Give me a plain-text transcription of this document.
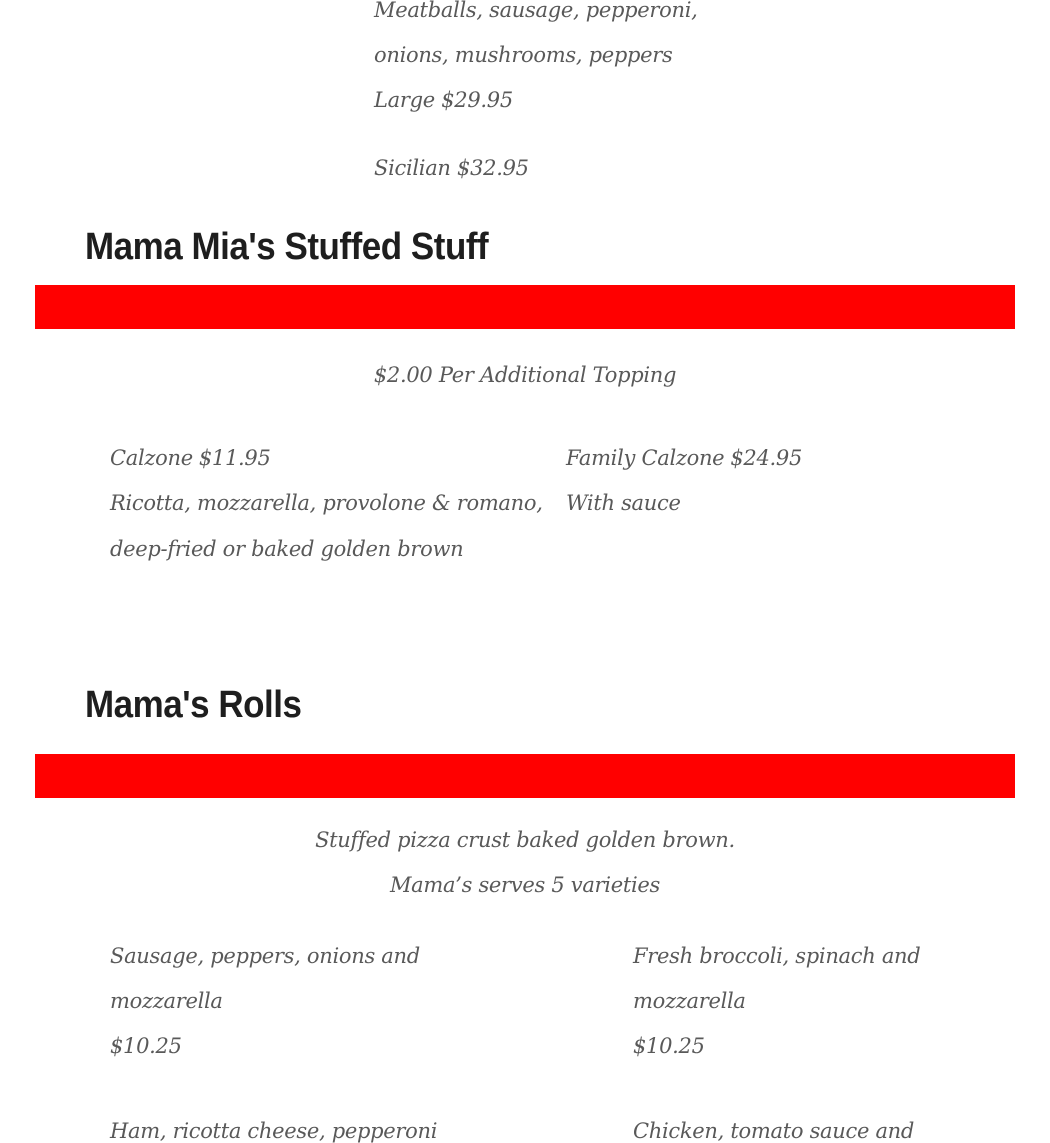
Meatballs, sausage, pepperoni,
onions, mushrooms, peppers
Large $29.95
Sicilian $32.95
Mama Mia's Stuffed Stuff
$2.00 Per Additional Topping
Calzone $11.95
Ricotta, mozzarella, provolone & romano,
deep-fried or baked golden brown
Family Calzone $24.95
With sauce
Mama's Rolls
Stuffed pizza crust baked golden brown.
Mama’s serves 5 varieties
Sausage, peppers, onions and
mozzarella
$10.25
Fresh broccoli, spinach and
mozzarella
$10.25
Ham, ricotta cheese, pepperoni	Chicken, tomato sauce and
